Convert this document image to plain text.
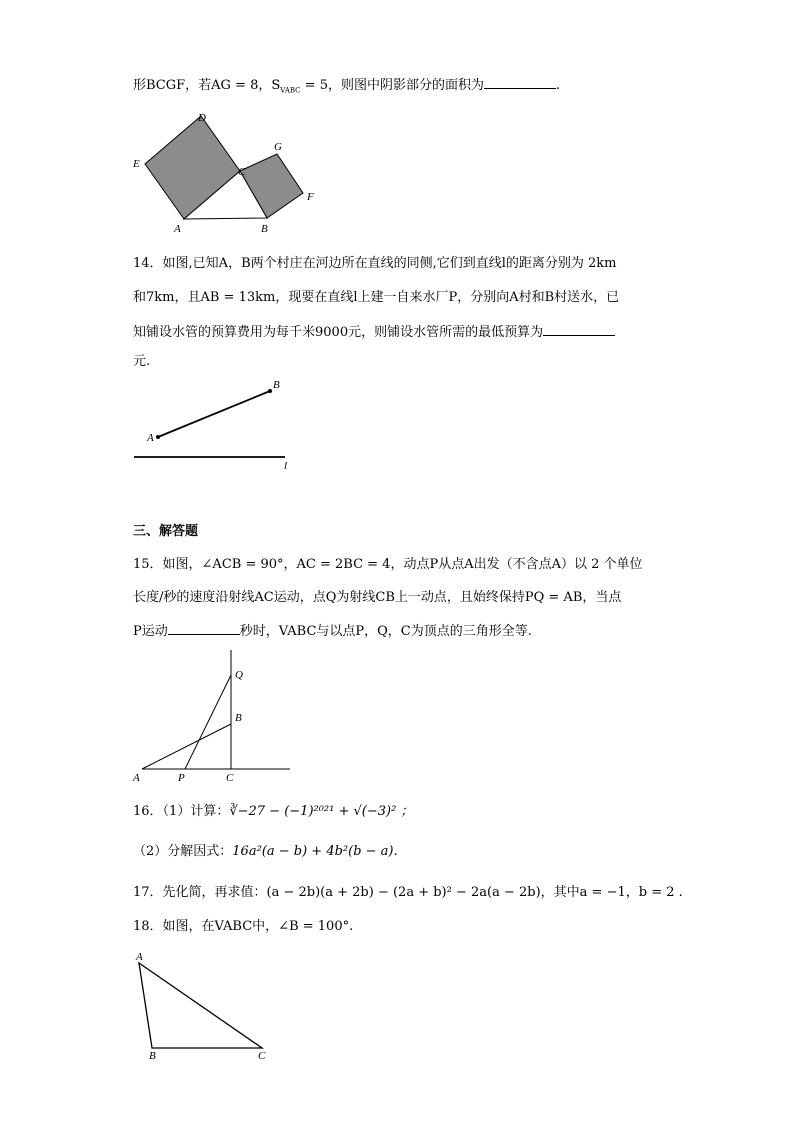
形BCGF，若AG = 8，$S_{VABC} = 5$，则图中阴影部分的面积为	.
D
E
C
G
F
A	B
14．如图,已知A，B两个村庄在河边所在直线的同侧,它们到直线l的距离分别为 2km
和7km，且AB = 13km，现要在直线l上建一自来水厂P，分别向A村和B村送水，已
知铺设水管的预算费用为每千米9000元，则铺设水管所需的最低预算为
元.
A
B
l
三、解答题
15．如图，∠ACB = 90°，AC = 2BC = 4，动点P从点A出发（不含点A）以 2 个单位
长度/秒的速度沿射线AC运动，点Q为射线CB上一动点，且始终保持PQ = AB，当点
P运动	秒时，VABC与以点P，Q，C为顶点的三角形全等.
Q
B
A	P	C
16．（1）计算：∛−27 − (−1)²⁰²¹ + √(−3)² ；
（2）分解因式：16a²(a − b) + 4b²(b − a).
17．先化简，再求值：(a − 2b)(a + 2b) − (2a + b)² − 2a(a − 2b)，其中a = −1，b = 2 .
18．如图，在VABC中，∠B = 100°.
A
B	C
